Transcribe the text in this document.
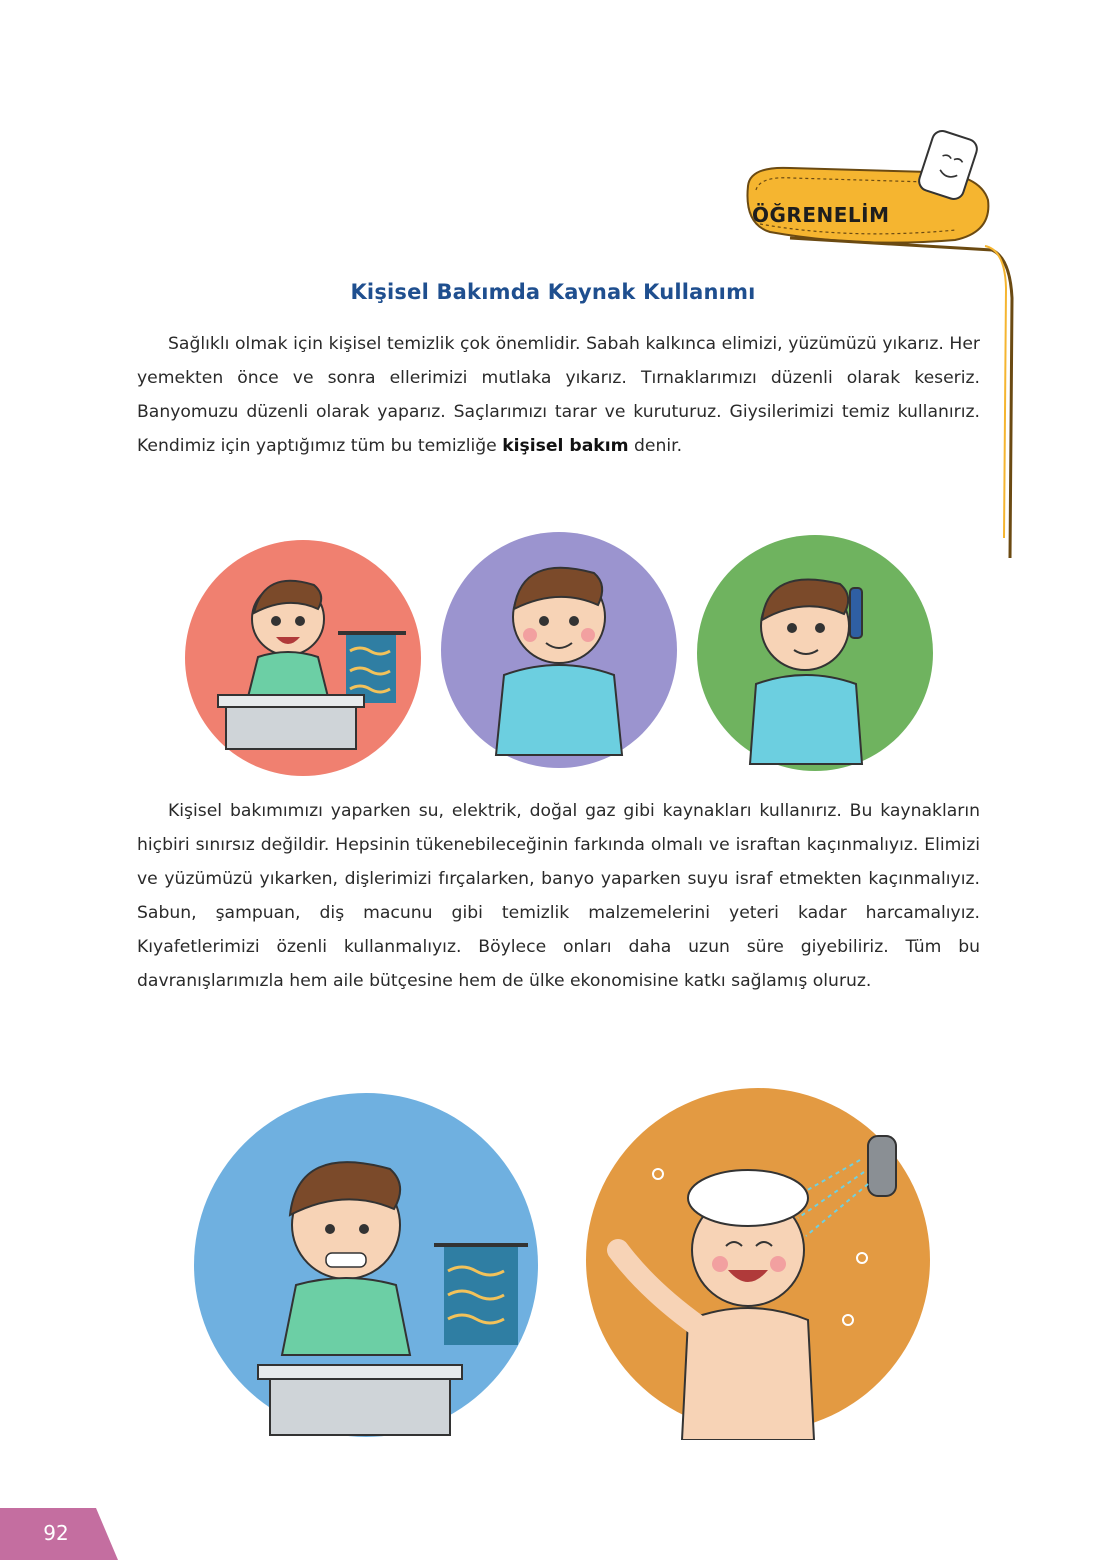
ÖĞRENELİM
Kişisel Bakımda Kaynak Kullanımı

Sağlıklı olmak için kişisel temizlik çok önemlidir. Sabah kalkınca elimizi, yüzümüzü yıkarız. Her yemekten önce ve sonra ellerimizi mutlaka yıkarız. Tırnaklarımızı düzenli olarak keseriz. Banyomuzu düzenli olarak yaparız. Saçlarımızı tarar ve kuruturuz. Giysilerimizi temiz kullanırız. Kendimiz için yaptığımız tüm bu temizliğe kişisel bakım denir.

Kişisel bakımımızı yaparken su, elektrik, doğal gaz gibi kaynakları kullanırız. Bu kaynakların hiçbiri sınırsız değildir. Hepsinin tükenebileceğinin farkında olmalı ve israftan kaçınmalıyız. Elimizi ve yüzümüzü yıkarken, dişlerimizi fırçalarken, banyo yaparken suyu israf etmekten kaçınmalıyız. Sabun, şampuan, diş macunu gibi temizlik malzemelerini yeteri kadar harcamalıyız. Kıyafetlerimizi özenli kullanmalıyız. Böylece onları daha uzun süre giyebiliriz. Tüm bu davranışlarımızla hem aile bütçesine hem de ülke ekonomisine katkı sağlamış oluruz.

92
